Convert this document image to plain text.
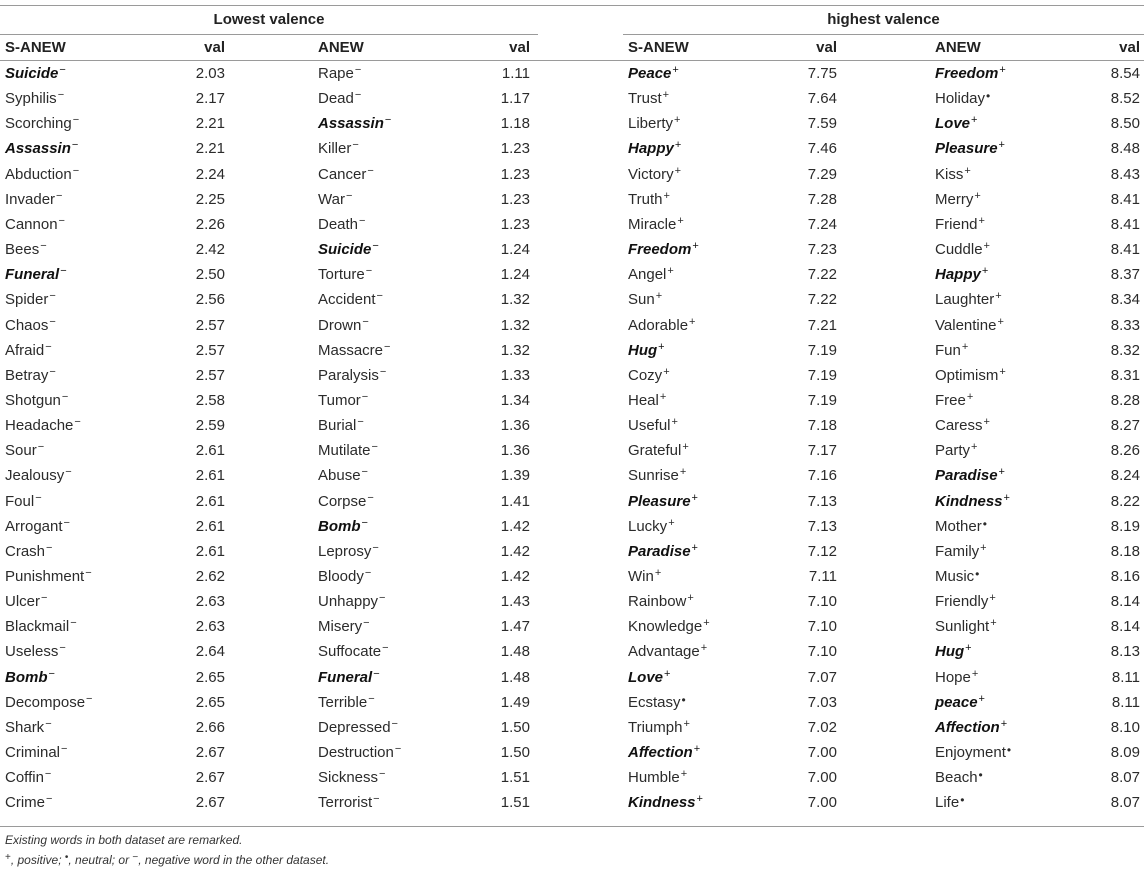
Lowest valence	highest valence
S-ANEW	val	ANEW	val	S-ANEW	val	ANEW	val
Suicide−	2.03	Rape−	1.11	Peace+	7.75	Freedom+	8.54
Syphilis−	2.17	Dead−	1.17	Trust+	7.64	Holiday•	8.52
Scorching−	2.21	Assassin−	1.18	Liberty+	7.59	Love+	8.50
Assassin−	2.21	Killer−	1.23	Happy+	7.46	Pleasure+	8.48
Abduction−	2.24	Cancer−	1.23	Victory+	7.29	Kiss+	8.43
Invader−	2.25	War−	1.23	Truth+	7.28	Merry+	8.41
Cannon−	2.26	Death−	1.23	Miracle+	7.24	Friend+	8.41
Bees−	2.42	Suicide−	1.24	Freedom+	7.23	Cuddle+	8.41
Funeral−	2.50	Torture−	1.24	Angel+	7.22	Happy+	8.37
Spider−	2.56	Accident−	1.32	Sun+	7.22	Laughter+	8.34
Chaos−	2.57	Drown−	1.32	Adorable+	7.21	Valentine+	8.33
Afraid−	2.57	Massacre−	1.32	Hug+	7.19	Fun+	8.32
Betray−	2.57	Paralysis−	1.33	Cozy+	7.19	Optimism+	8.31
Shotgun−	2.58	Tumor−	1.34	Heal+	7.19	Free+	8.28
Headache−	2.59	Burial−	1.36	Useful+	7.18	Caress+	8.27
Sour−	2.61	Mutilate−	1.36	Grateful+	7.17	Party+	8.26
Jealousy−	2.61	Abuse−	1.39	Sunrise+	7.16	Paradise+	8.24
Foul−	2.61	Corpse−	1.41	Pleasure+	7.13	Kindness+	8.22
Arrogant−	2.61	Bomb−	1.42	Lucky+	7.13	Mother•	8.19
Crash−	2.61	Leprosy−	1.42	Paradise+	7.12	Family+	8.18
Punishment−	2.62	Bloody−	1.42	Win+	7.11	Music•	8.16
Ulcer−	2.63	Unhappy−	1.43	Rainbow+	7.10	Friendly+	8.14
Blackmail−	2.63	Misery−	1.47	Knowledge+	7.10	Sunlight+	8.14
Useless−	2.64	Suffocate−	1.48	Advantage+	7.10	Hug+	8.13
Bomb−	2.65	Funeral−	1.48	Love+	7.07	Hope+	8.11
Decompose−	2.65	Terrible−	1.49	Ecstasy•	7.03	peace+	8.11
Shark−	2.66	Depressed−	1.50	Triumph+	7.02	Affection+	8.10
Criminal−	2.67	Destruction−	1.50	Affection+	7.00	Enjoyment•	8.09
Coffin−	2.67	Sickness−	1.51	Humble+	7.00	Beach•	8.07
Crime−	2.67	Terrorist−	1.51	Kindness+	7.00	Life•	8.07
Existing words in both dataset are remarked.
+, positive; •, neutral; or −, negative word in the other dataset.
